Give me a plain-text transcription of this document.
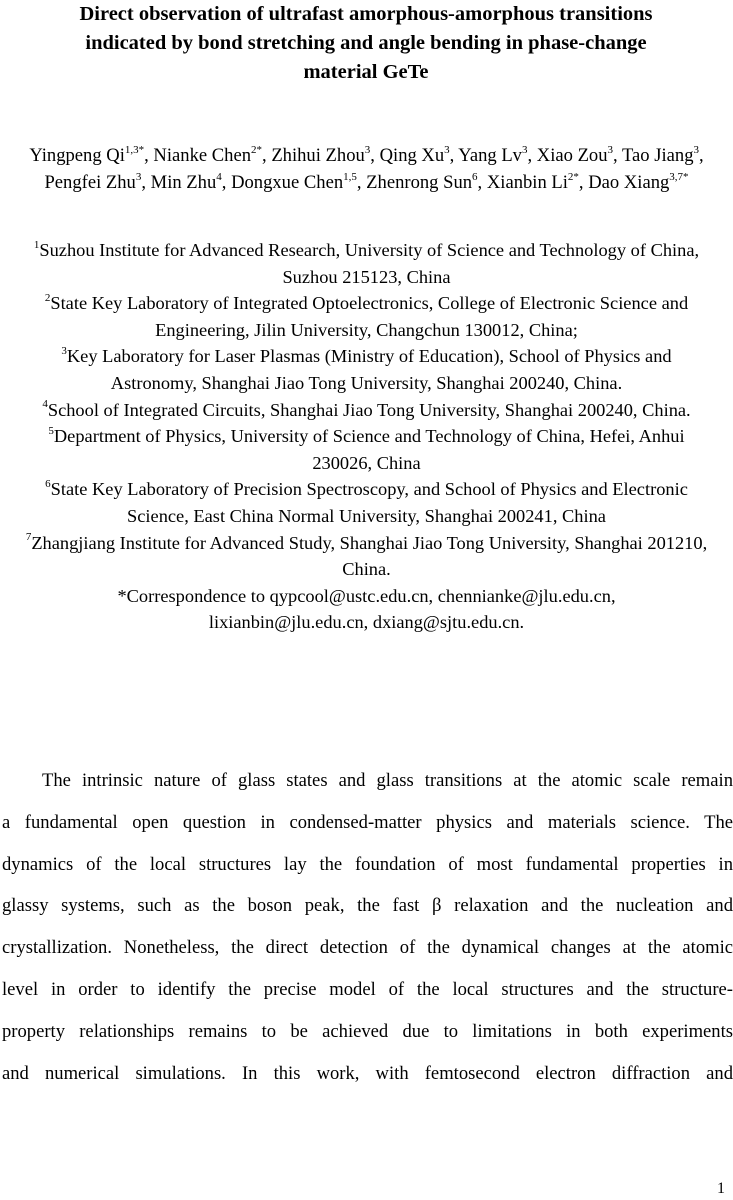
Direct observation of ultrafast amorphous-amorphous transitions
indicated by bond stretching and angle bending in phase-change
material GeTe
Yingpeng $Qi^{1,3*}$, Nianke Chen$^{2*}$, Zhihui Zhou$^3$, Qing Xu$^3$, Yang Lv$^3$, Xiao Zou$^3$, Tao Jiang$^3$, Pengfei Zhu$^3$, Min Zhu$^4$, Dongxue Chen$^{1,5}$, Zhenrong Sun$^6$, Xianbin $Li^{2*}$, Dao Xiang$^{3,7*}$
$^1$Suzhou Institute for Advanced Research, University of Science and Technology of China, Suzhou 215123, China
$^2$State Key Laboratory of Integrated Optoelectronics, College of Electronic Science and Engineering, Jilin University, Changchun 130012, China;
$^3$Key Laboratory for Laser Plasmas (Ministry of Education), School of Physics and Astronomy, Shanghai Jiao Tong University, Shanghai 200240, China.
$^4$School of Integrated Circuits, Shanghai Jiao Tong University, Shanghai 200240, China.
$^5$Department of Physics, University of Science and Technology of China, Hefei, Anhui 230026, China
$^6$State Key Laboratory of Precision Spectroscopy, and School of Physics and Electronic Science, East China Normal University, Shanghai 200241, China
$^7$Zhangjiang Institute for Advanced Study, Shanghai Jiao Tong University, Shanghai 201210, China.
*Correspondence to qypcool@ustc.edu.cn, chennianke@jlu.edu.cn,
lixianbin@jlu.edu.cn, dxiang@sjtu.edu.cn.
The intrinsic nature of glass states and glass transitions at the atomic scale remain
a fundamental open question in condensed-matter physics and materials science. The
dynamics of the local structures lay the foundation of most fundamental properties in
glassy systems, such as the boson peak, the fast β relaxation and the nucleation and
crystallization. Nonetheless, the direct detection of the dynamical changes at the atomic
level in order to identify the precise model of the local structures and the structure-
property relationships remains to be achieved due to limitations in both experiments
and numerical simulations. In this work, with femtosecond electron diffraction and
1
